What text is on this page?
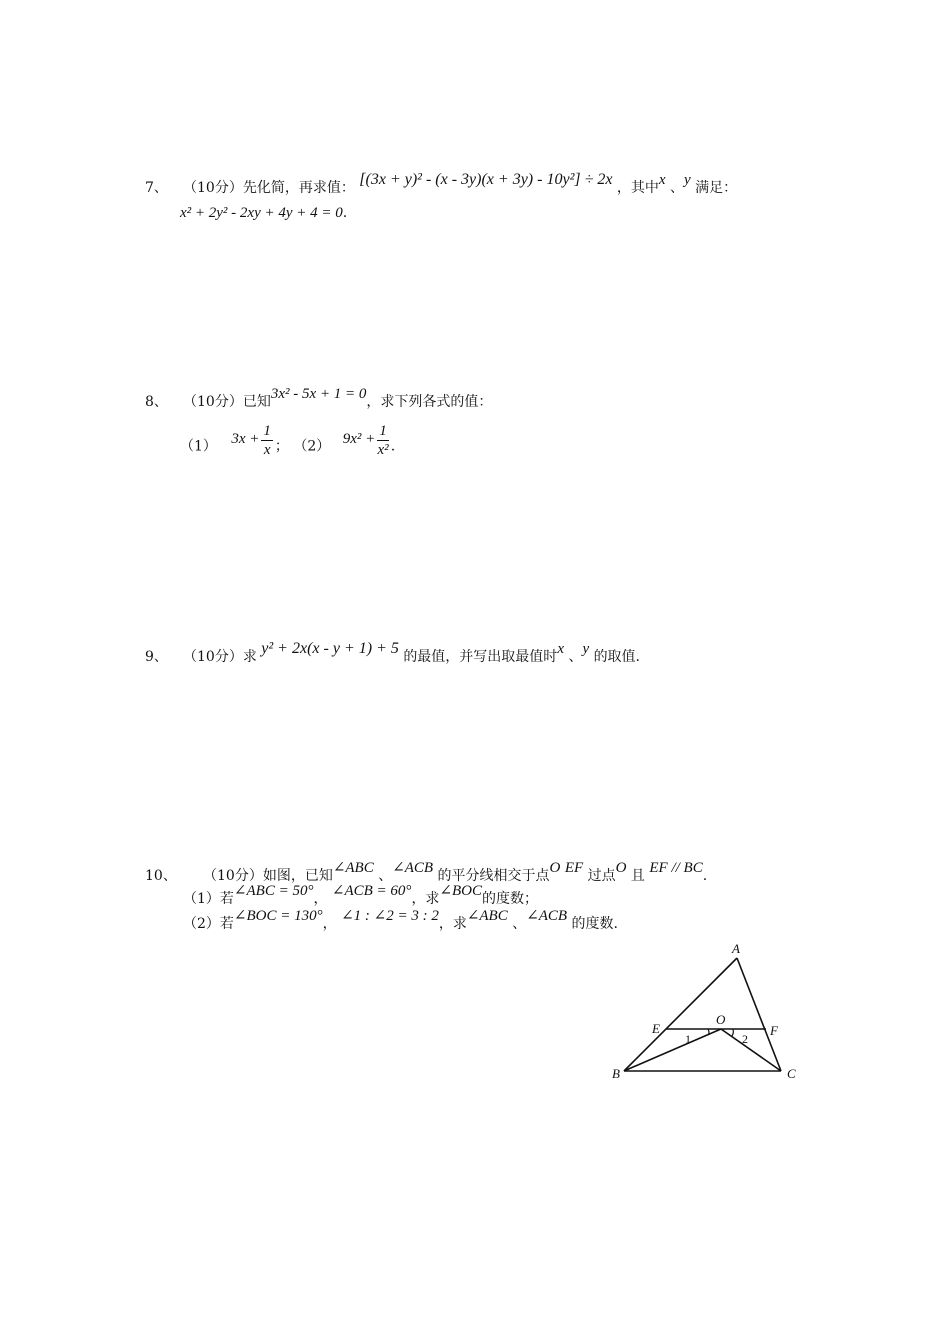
7、 （10分）先化简，再求值： [(3x + y)² - (x - 3y)(x + 3y) - 10y²] ÷ 2x ，其中x 、y 满足：
x² + 2y² - 2xy + 4y + 4 = 0.
8、 （10分）已知3x² - 5x + 1 = 0，求下列各式的值：
（1） $3x + \frac{1}{x}$ ； （2） $9x^2 + \frac{1}{\text{x²}}$ .
9、 （10分）求 y² + 2x(x - y + 1) + 5 的最值，并写出取最值时x 、y 的取值.
10、 （10分）如图，已知∠ABC 、∠ACB 的平分线相交于点O EF 过点O 且 EF // BC.
（1）若∠ABC = 50°， ∠ACB = 60°，求∠BOC的度数；
（2）若∠BOC = 130°， ∠1 : ∠2 = 3 : 2，求∠ABC 、∠ACB 的度数.
A
B	C
E	F
O
1	2
